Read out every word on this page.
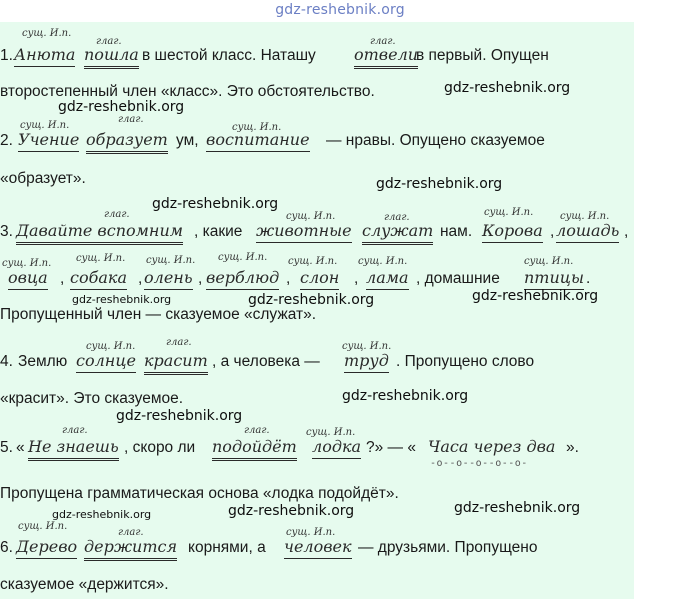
gdz-reshebnik.org
сущ. И.п.
глаг.	глаг.
1. Анюта пошла в шестой класс. Наташу отвели
в первый. Опущен
второстепенный член «класс». Это обстоятельство.	gdz-reshebnik.org
gdz-reshebnik.org
сущ. И.п.
глаг.
сущ. И.п.
2. Учение образует ум, воспитание — нравы. Опущено сказуемое
«образует».	gdz-reshebnik.org
gdz-reshebnik.org
глаг.	сущ. И.п.	глаг.	сущ. И.п.	сущ. И.п.
3. Давайте вспомним , какие животные служат нам. Корова , лошадь ,
сущ. И.п. сущ. И.п. сущ. И.п. сущ. И.п. сущ. И.п. сущ. И.п.	сущ. И.п.
овца , собака , олень , верблюд , слон , лама , домашние птицы .
gdz-reshebnik.org	gdz-reshebnik.org	gdz-reshebnik.org
Пропущенный член — сказуемое «служат».
сущ. И.п.	глаг.	сущ. И.п.
4. Землю солнце красит , а человека — труд . Пропущено слово
«красит». Это сказуемое.	gdz-reshebnik.org
gdz-reshebnik.org
глаг.	глаг.	сущ. И.п.
5. « Не знаешь , скоро ли подойдёт лодка ?» — « Часа через два ».
-o--o--o--o--o-
Пропущена грамматическая основа «лодка подойдёт».
gdz-reshebnik.org	gdz-reshebnik.org	gdz-reshebnik.org
сущ. И.п.
глаг.	сущ. И.п.
6. Дерево держится корнями, а человек — друзьями. Пропущено
сказуемое «держится».
